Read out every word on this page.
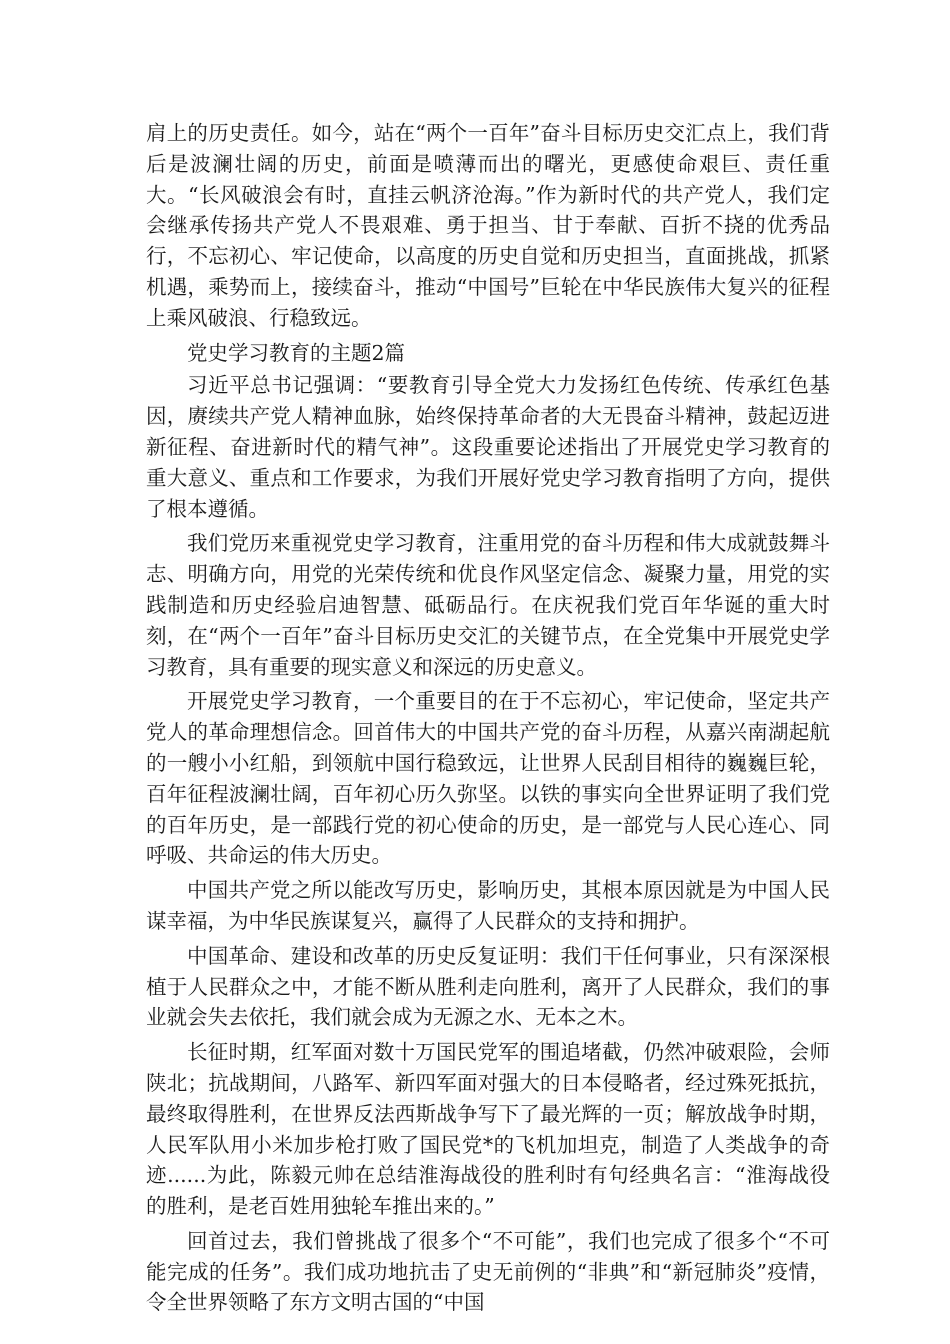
肩上的历史责任。如今，站在“两个一百年”奋斗目标历史交汇点上，我们背后是波澜壮阔的历史，前面是喷薄而出的曙光，更感使命艰巨、责任重大。“长风破浪会有时，直挂云帆济沧海。”作为新时代的共产党人，我们定会继承传扬共产党人不畏艰难、勇于担当、甘于奉献、百折不挠的优秀品行，不忘初心、牢记使命，以高度的历史自觉和历史担当，直面挑战，抓紧机遇，乘势而上，接续奋斗，推动“中国号”巨轮在中华民族伟大复兴的征程上乘风破浪、行稳致远。

党史学习教育的主题2篇

习近平总书记强调：“要教育引导全党大力发扬红色传统、传承红色基因，赓续共产党人精神血脉，始终保持革命者的大无畏奋斗精神，鼓起迈进新征程、奋进新时代的精气神”。这段重要论述指出了开展党史学习教育的重大意义、重点和工作要求，为我们开展好党史学习教育指明了方向，提供了根本遵循。

我们党历来重视党史学习教育，注重用党的奋斗历程和伟大成就鼓舞斗志、明确方向，用党的光荣传统和优良作风坚定信念、凝聚力量，用党的实践制造和历史经验启迪智慧、砥砺品行。在庆祝我们党百年华诞的重大时刻，在“两个一百年”奋斗目标历史交汇的关键节点，在全党集中开展党史学习教育，具有重要的现实意义和深远的历史意义。

开展党史学习教育，一个重要目的在于不忘初心，牢记使命，坚定共产党人的革命理想信念。回首伟大的中国共产党的奋斗历程，从嘉兴南湖起航的一艘小小红船，到领航中国行稳致远，让世界人民刮目相待的巍巍巨轮，百年征程波澜壮阔，百年初心历久弥坚。以铁的事实向全世界证明了我们党的百年历史，是一部践行党的初心使命的历史，是一部党与人民心连心、同呼吸、共命运的伟大历史。

中国共产党之所以能改写历史，影响历史，其根本原因就是为中国人民谋幸福，为中华民族谋复兴，赢得了人民群众的支持和拥护。

中国革命、建设和改革的历史反复证明：我们干任何事业，只有深深根植于人民群众之中，才能不断从胜利走向胜利，离开了人民群众，我们的事业就会失去依托，我们就会成为无源之水、无本之木。

长征时期，红军面对数十万国民党军的围追堵截，仍然冲破艰险，会师陕北；抗战期间，八路军、新四军面对强大的日本侵略者，经过殊死抵抗，最终取得胜利，在世界反法西斯战争写下了最光辉的一页；解放战争时期，人民军队用小米加步枪打败了国民党*的飞机加坦克，制造了人类战争的奇迹......为此，陈毅元帅在总结淮海战役的胜利时有句经典名言：“淮海战役的胜利，是老百姓用独轮车推出来的。”

回首过去，我们曾挑战了很多个“不可能”，我们也完成了很多个“不可能完成的任务”。我们成功地抗击了史无前例的“非典”和“新冠肺炎”疫情，令全世界领略了东方文明古国的“中国
